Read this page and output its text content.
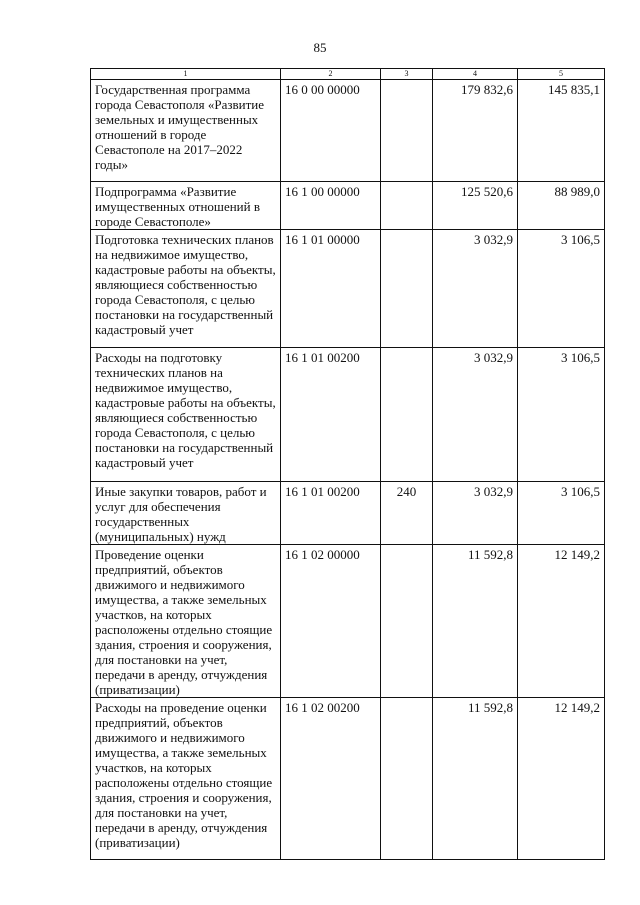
85
1	2	3	4	5
Государственная программа города Севастополя «Развитие земельных и имущественных отношений в городе Севастополе на 2017–2022 годы»	16 0 00 00000		179 832,6	145 835,1
Подпрограмма «Развитие имущественных отношений в городе Севастополе»	16 1 00 00000		125 520,6	88 989,0
Подготовка технических планов на недвижимое имущество, кадастровые работы на объекты, являющиеся собственностью города Севастополя, с целью постановки на государственный кадастровый учет	16 1 01 00000		3 032,9	3 106,5
Расходы на подготовку технических планов на недвижимое имущество, кадастровые работы на объекты, являющиеся собственностью города Севастополя, с целью постановки на государственный кадастровый учет	16 1 01 00200		3 032,9	3 106,5
Иные закупки товаров, работ и услуг для обеспечения государственных (муниципальных) нужд	16 1 01 00200	240	3 032,9	3 106,5
Проведение оценки предприятий, объектов движимого и недвижимого имущества, а также земельных участков, на которых расположены отдельно стоящие здания, строения и сооружения, для постановки на учет, передачи в аренду, отчуждения (приватизации)	16 1 02 00000		11 592,8	12 149,2
Расходы на проведение оценки предприятий, объектов движимого и недвижимого имущества, а также земельных участков, на которых расположены отдельно стоящие здания, строения и сооружения, для постановки на учет, передачи в аренду, отчуждения (приватизации)	16 1 02 00200		11 592,8	12 149,2
